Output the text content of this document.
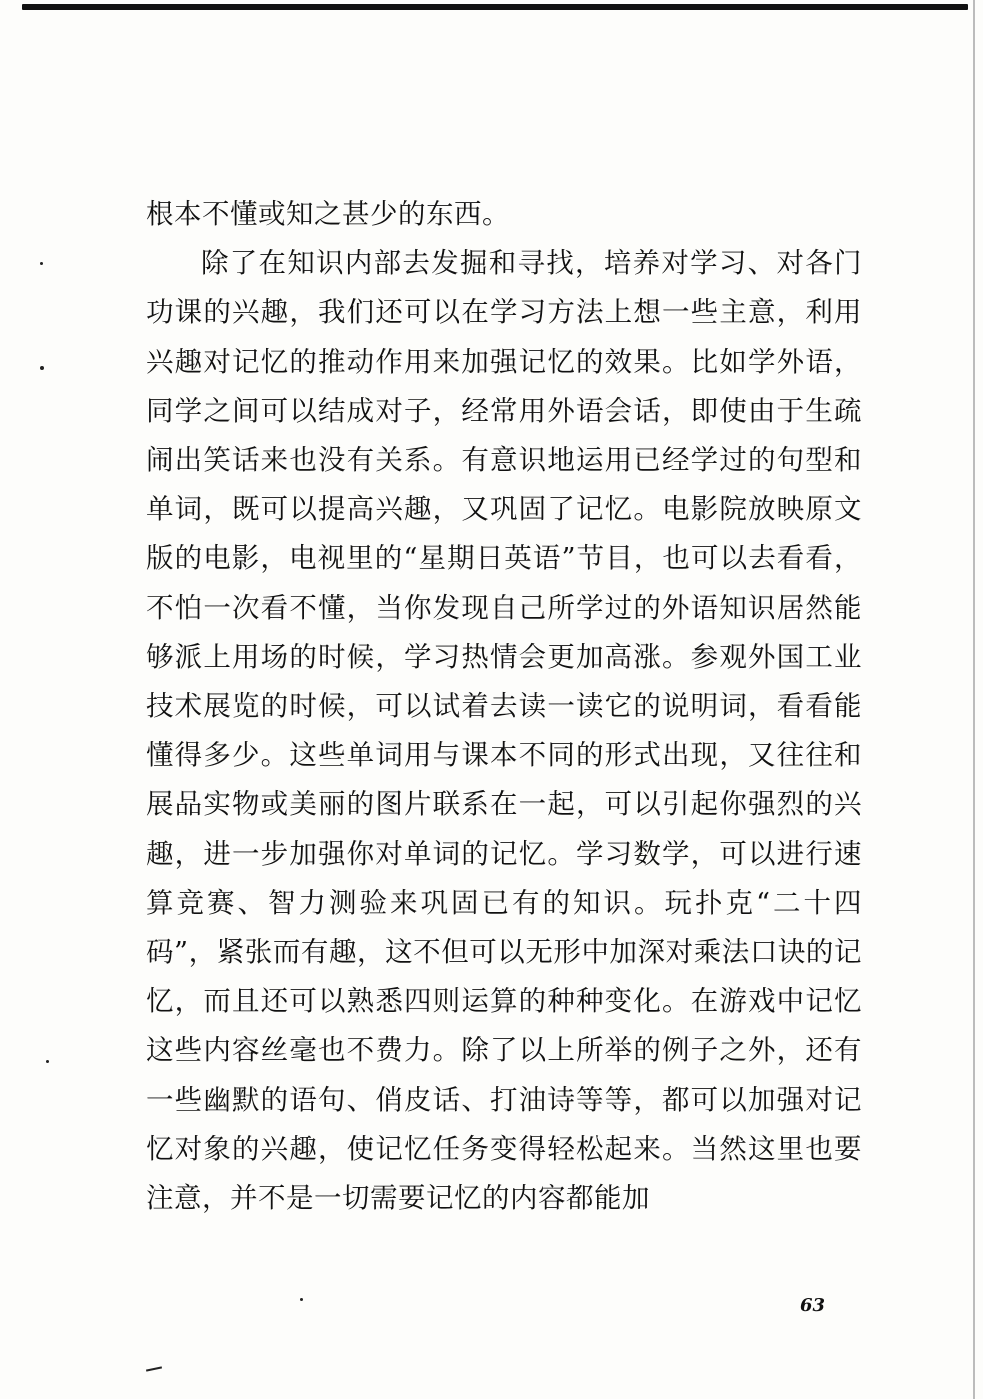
根本不懂或知之甚少的东西。

除了在知识内部去发掘和寻找，培养对学习、对各门功课的兴趣，我们还可以在学习方法上想一些主意，利用兴趣对记忆的推动作用来加强记忆的效果。比如学外语，同学之间可以结成对子，经常用外语会话，即使由于生疏闹出笑话来也没有关系。有意识地运用已经学过的句型和单词，既可以提高兴趣，又巩固了记忆。电影院放映原文版的电影，电视里的“星期日英语”节目，也可以去看看，不怕一次看不懂，当你发现自己所学过的外语知识居然能够派上用场的时候，学习热情会更加高涨。参观外国工业技术展览的时候，可以试着去读一读它的说明词，看看能懂得多少。这些单词用与课本不同的形式出现，又往往和展品实物或美丽的图片联系在一起，可以引起你强烈的兴趣，进一步加强你对单词的记忆。学习数学，可以进行速算竞赛、智力测验来巩固已有的知识。玩扑克“二十四码”，紧张而有趣，这不但可以无形中加深对乘法口诀的记忆，而且还可以熟悉四则运算的种种变化。在游戏中记忆这些内容丝毫也不费力。除了以上所举的例子之外，还有一些幽默的语句、俏皮话、打油诗等等，都可以加强对记忆对象的兴趣，使记忆任务变得轻松起来。当然这里也要注意，并不是一切需要记忆的内容都能加

63
